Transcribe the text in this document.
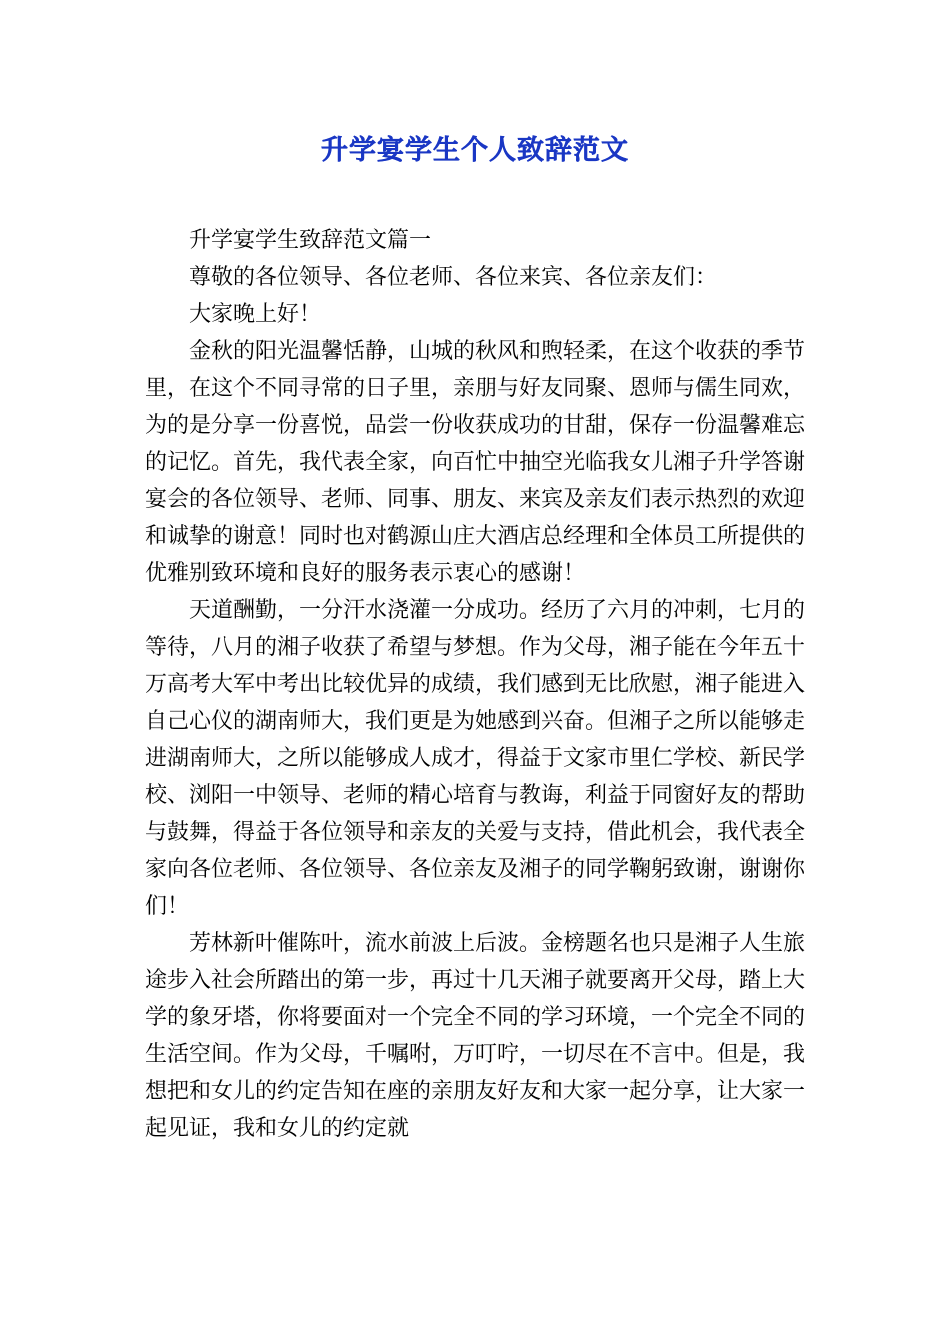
升学宴学生个人致辞范文

升学宴学生致辞范文篇一

尊敬的各位领导、各位老师、各位来宾、各位亲友们：

大家晚上好！

金秋的阳光温馨恬静，山城的秋风和煦轻柔，在这个收获的季节里，在这个不同寻常的日子里，亲朋与好友同聚、恩师与儒生同欢，为的是分享一份喜悦，品尝一份收获成功的甘甜，保存一份温馨难忘的记忆。首先，我代表全家，向百忙中抽空光临我女儿湘子升学答谢宴会的各位领导、老师、同事、朋友、来宾及亲友们表示热烈的欢迎和诚挚的谢意！同时也对鹤源山庄大酒店总经理和全体员工所提供的优雅别致环境和良好的服务表示衷心的感谢！

天道酬勤，一分汗水浇灌一分成功。经历了六月的冲刺，七月的等待，八月的湘子收获了希望与梦想。作为父母，湘子能在今年五十万高考大军中考出比较优异的成绩，我们感到无比欣慰，湘子能进入自己心仪的湖南师大，我们更是为她感到兴奋。但湘子之所以能够走进湖南师大，之所以能够成人成才，得益于文家市里仁学校、新民学校、浏阳一中领导、老师的精心培育与教诲，利益于同窗好友的帮助与鼓舞，得益于各位领导和亲友的关爱与支持，借此机会，我代表全家向各位老师、各位领导、各位亲友及湘子的同学鞠躬致谢，谢谢你们！

芳林新叶催陈叶，流水前波上后波。金榜题名也只是湘子人生旅途步入社会所踏出的第一步，再过十几天湘子就要离开父母，踏上大学的象牙塔，你将要面对一个完全不同的学习环境，一个完全不同的生活空间。作为父母，千嘱咐，万叮咛，一切尽在不言中。但是，我想把和女儿的约定告知在座的亲朋友好友和大家一起分享，让大家一起见证，我和女儿的约定就
